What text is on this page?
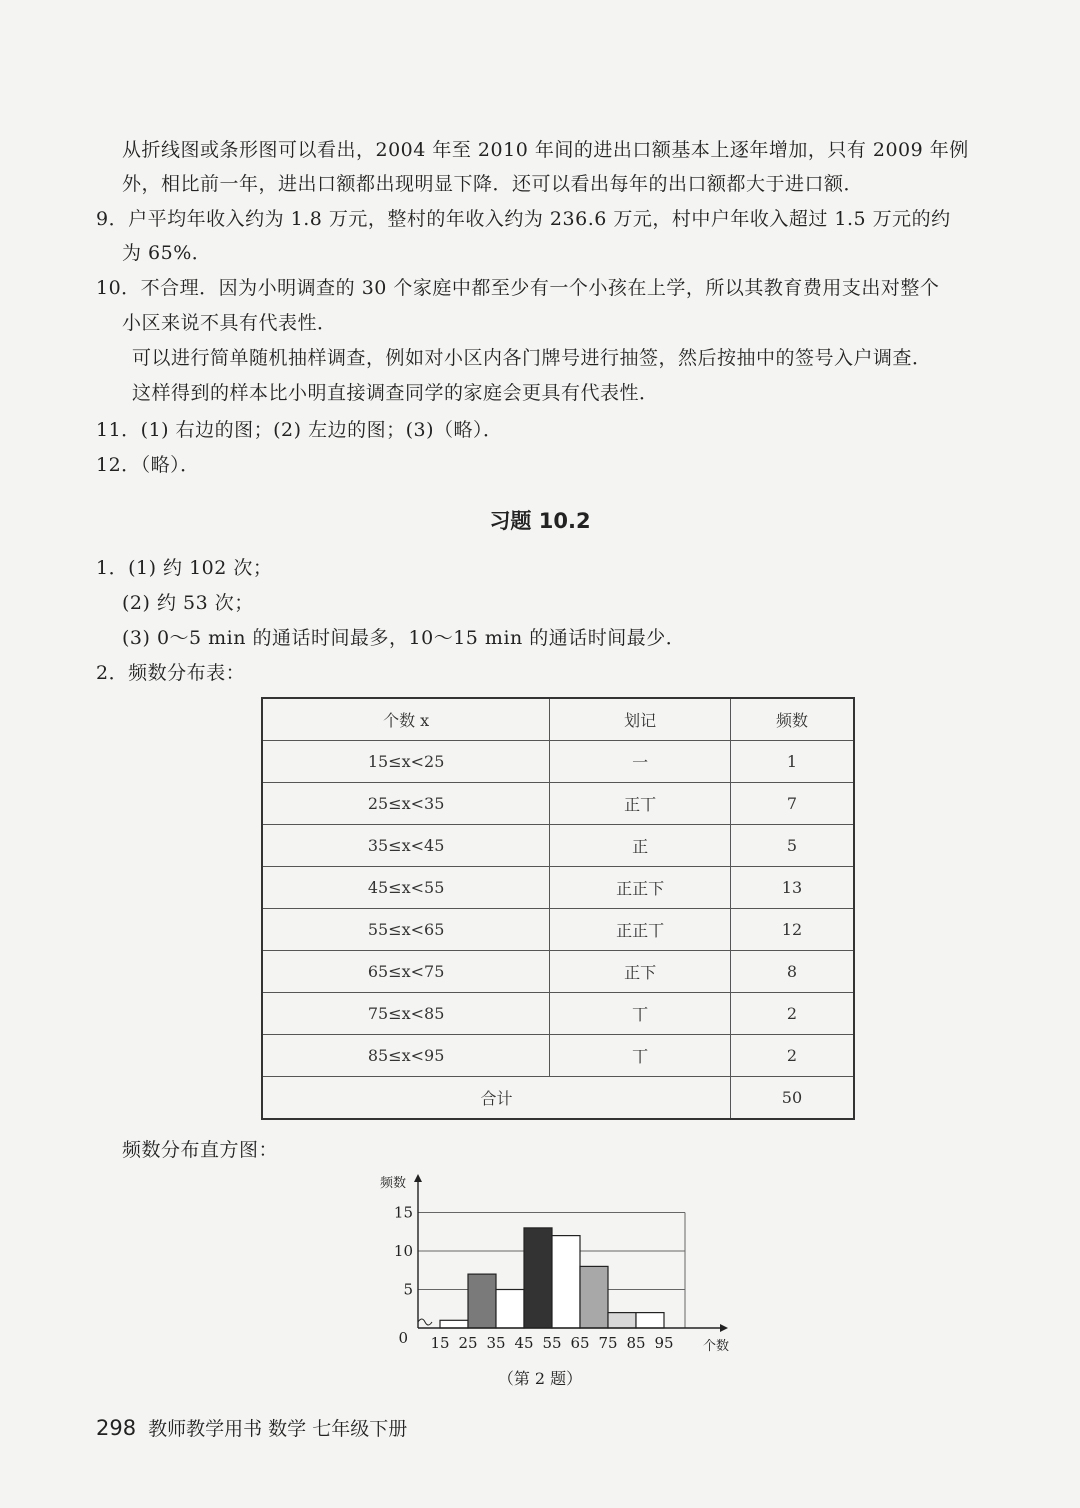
从折线图或条形图可以看出，2004 年至 2010 年间的进出口额基本上逐年增加，只有 2009 年例
外，相比前一年，进出口额都出现明显下降．还可以看出每年的出口额都大于进口额．
9．户平均年收入约为 1.8 万元，整村的年收入约为 236.6 万元，村中户年收入超过 1.5 万元的约
为 65%．
10．不合理．因为小明调查的 30 个家庭中都至少有一个小孩在上学，所以其教育费用支出对整个
小区来说不具有代表性．
可以进行简单随机抽样调查，例如对小区内各门牌号进行抽签，然后按抽中的签号入户调查．
这样得到的样本比小明直接调查同学的家庭会更具有代表性．
11．(1) 右边的图；(2) 左边的图；(3)（略）．
12．（略）．
习题 10.2
1．(1) 约 102 次；
(2) 约 53 次；
(3) 0～5 min 的通话时间最多，10～15 min 的通话时间最少．
2．频数分布表：
个数 x	划记	频数
15≤x<25	一	1
25≤x<35	正丅	7
35≤x<45	正	5
45≤x<55	正正下	13
55≤x<65	正正丅	12
65≤x<75	正下	8
75≤x<85	丅	2
85≤x<95	丅	2
合计		50
频数分布直方图：
0
5
10
15
15 25 35 45 55 65 75 85 95
频数
个数
（第 2 题）
298 教师教学用书 数学 七年级下册
